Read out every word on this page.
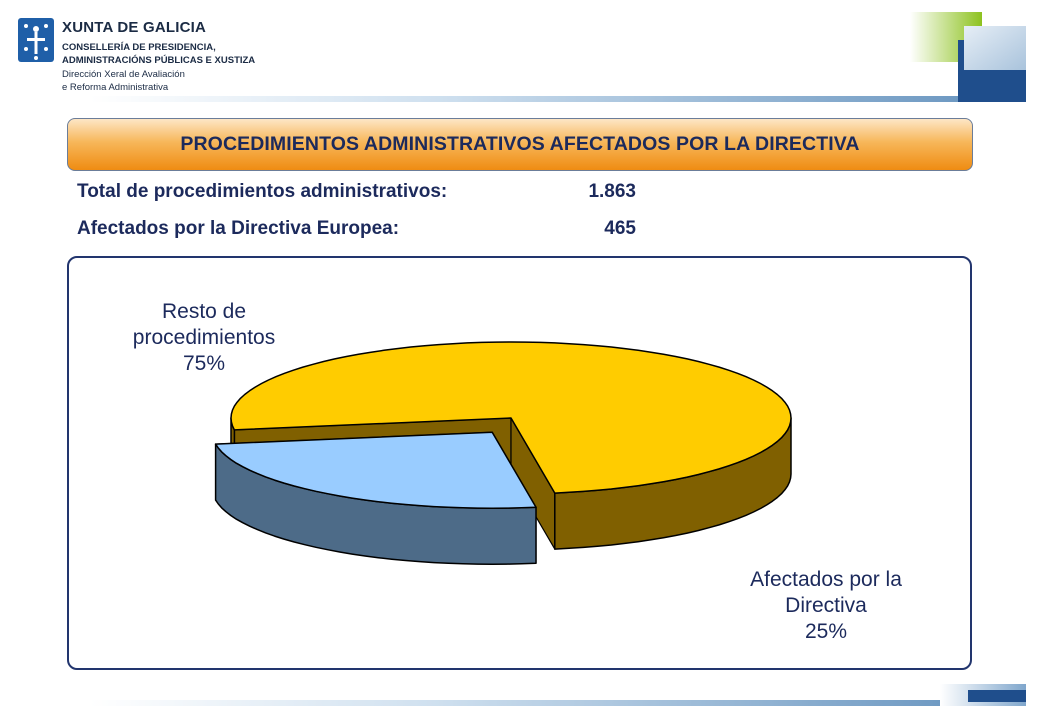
XUNTA DE GALICIA
CONSELLERÍA DE PRESIDENCIA,
ADMINISTRACIÓNS PÚBLICAS E XUSTIZA
Dirección Xeral de Avaliación
e Reforma Administrativa
PROCEDIMIENTOS ADMINISTRATIVOS AFECTADOS POR LA DIRECTIVA
Total de procedimientos administrativos:	1.863
Afectados por la Directiva Europea:	465
Resto de procedimientos 75%
Afectados por la Directiva 25%
